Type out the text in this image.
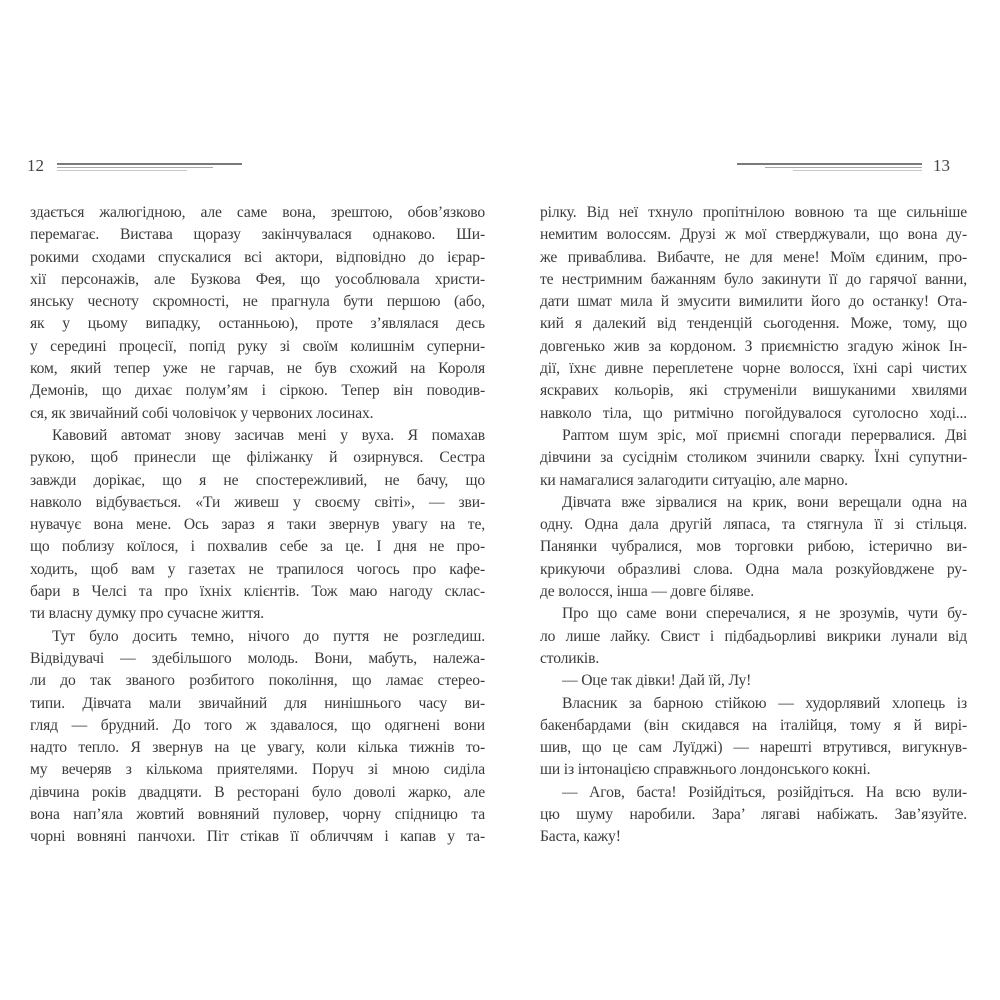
12	13
здається жалюгідною, але саме вона, зрештою, обов’язково
перемагає. Вистава щоразу закінчувалася однаково. Ши-
рокими сходами спускалися всі актори, відповідно до ієрар-
хії персонажів, але Бузкова Фея, що уособлювала христи-
янську чесноту скромності, не прагнула бути першою (або,
як у цьому випадку, останньою), проте з’являлася десь
у середині процесії, попід руку зі своїм колишнім суперни-
ком, який тепер уже не гарчав, не був схожий на Короля
Демонів, що дихає полум’ям і сіркою. Тепер він поводив-
ся, як звичайний собі чоловічок у червоних лосинах.
Кавовий автомат знову засичав мені у вуха. Я помахав
рукою, щоб принесли ще філіжанку й озирнувся. Сестра
завжди дорікає, що я не спостережливий, не бачу, що
навколо відбувається. «Ти живеш у своєму світі», — зви-
нувачує вона мене. Ось зараз я таки звернув увагу на те,
що поблизу коїлося, і похвалив себе за це. І дня не про-
ходить, щоб вам у газетах не трапилося чогось про кафе-
бари в Челсі та про їхніх клієнтів. Тож маю нагоду склас-
ти власну думку про сучасне життя.
Тут було досить темно, нічого до пуття не розгледиш.
Відвідувачі — здебільшого молодь. Вони, мабуть, належа-
ли до так званого розбитого покоління, що ламає стерео-
типи. Дівчата мали звичайний для нинішнього часу ви-
гляд — брудний. До того ж здавалося, що одягнені вони
надто тепло. Я звернув на це увагу, коли кілька тижнів то-
му вечеряв з кількома приятелями. Поруч зі мною сиділа
дівчина років двадцяти. В ресторані було доволі жарко, але
вона нап’яла жовтий вовняний пуловер, чорну спідницю та
чорні вовняні панчохи. Піт стікав її обличчям і капав у та-
рілку. Від неї тхнуло пропітнілою вовною та ще сильніше
немитим волоссям. Друзі ж мої стверджували, що вона ду-
же приваблива. Вибачте, не для мене! Моїм єдиним, про-
те нестримним бажанням було закинути її до гарячої ванни,
дати шмат мила й змусити вимилити його до останку! Ота-
кий я далекий від тенденцій сьогодення. Може, тому, що
довгенько жив за кордоном. З приємністю згадую жінок Ін-
дії, їхнє дивне переплетене чорне волосся, їхні сарі чистих
яскравих кольорів, які струменіли вишуканими хвилями
навколо тіла, що ритмічно погойдувалося суголосно ході...
Раптом шум зріс, мої приємні спогади перервалися. Дві
дівчини за сусіднім столиком зчинили сварку. Їхні супутни-
ки намагалися залагодити ситуацію, але марно.
Дівчата вже зірвалися на крик, вони верещали одна на
одну. Одна дала другій ляпаса, та стягнула її зі стільця.
Панянки чубралися, мов торговки рибою, істерично ви-
крикуючи образливі слова. Одна мала розкуйовджене ру-
де волосся, інша — довге біляве.
Про що саме вони сперечалися, я не зрозумів, чути бу-
ло лише лайку. Свист і підбадьорливі викрики лунали від
столиків.
— Оце так дівки! Дай їй, Лу!
Власник за барною стійкою — худорлявий хлопець із
бакенбардами (він скидався на італійця, тому я й вирі-
шив, що це сам Луїджі) — нарешті втрутився, вигукнув-
ши із інтонацією справжнього лондонського кокні.
— Агов, баста! Розійдіться, розійдіться. На всю вули-
цю шуму наробили. Зара’ лягаві набіжать. Зав’язуйте.
Баста, кажу!
